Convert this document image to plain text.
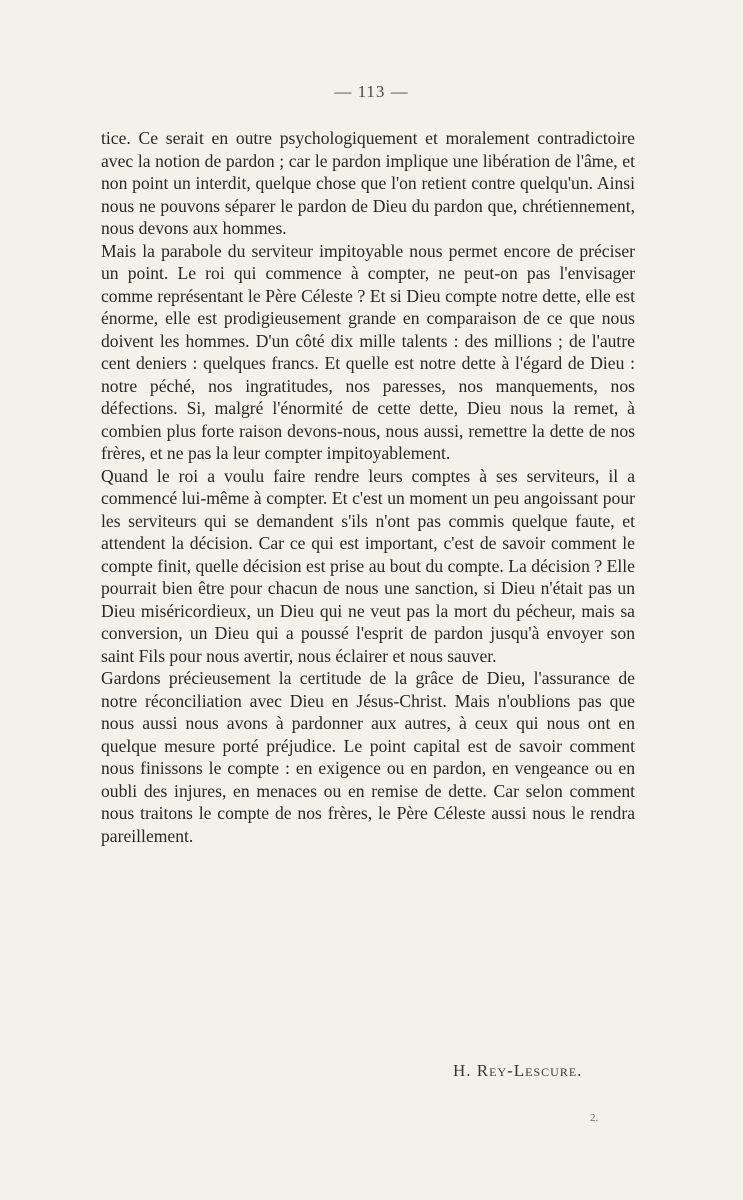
— 113 —

tice. Ce serait en outre psychologiquement et moralement contradictoire avec la notion de pardon ; car le pardon implique une libération de l'âme, et non point un interdit, quelque chose que l'on retient contre quelqu'un. Ainsi nous ne pouvons séparer le pardon de Dieu du pardon que, chrétiennement, nous devons aux hommes.

Mais la parabole du serviteur impitoyable nous permet encore de préciser un point. Le roi qui commence à compter, ne peut-on pas l'envisager comme représentant le Père Céleste ? Et si Dieu compte notre dette, elle est énorme, elle est prodigieusement grande en comparaison de ce que nous doivent les hommes. D'un côté dix mille talents : des millions ; de l'autre cent deniers : quelques francs. Et quelle est notre dette à l'égard de Dieu : notre péché, nos ingratitudes, nos paresses, nos manquements, nos défections. Si, malgré l'énormité de cette dette, Dieu nous la remet, à combien plus forte raison devons-nous, nous aussi, remettre la dette de nos frères, et ne pas la leur compter impitoyablement.

Quand le roi a voulu faire rendre leurs comptes à ses serviteurs, il a commencé lui-même à compter. Et c'est un moment un peu angoissant pour les serviteurs qui se demandent s'ils n'ont pas commis quelque faute, et attendent la décision. Car ce qui est important, c'est de savoir comment le compte finit, quelle décision est prise au bout du compte. La décision ? Elle pourrait bien être pour chacun de nous une sanction, si Dieu n'était pas un Dieu miséricordieux, un Dieu qui ne veut pas la mort du pécheur, mais sa conversion, un Dieu qui a poussé l'esprit de pardon jusqu'à envoyer son saint Fils pour nous avertir, nous éclairer et nous sauver.

Gardons précieusement la certitude de la grâce de Dieu, l'assurance de notre réconciliation avec Dieu en Jésus-Christ. Mais n'oublions pas que nous aussi nous avons à pardonner aux autres, à ceux qui nous ont en quelque mesure porté préjudice. Le point capital est de savoir comment nous finissons le compte : en exigence ou en pardon, en vengeance ou en oubli des injures, en menaces ou en remise de dette. Car selon comment nous traitons le compte de nos frères, le Père Céleste aussi nous le rendra pareillement.

H. Rey-Lescure.
2.
